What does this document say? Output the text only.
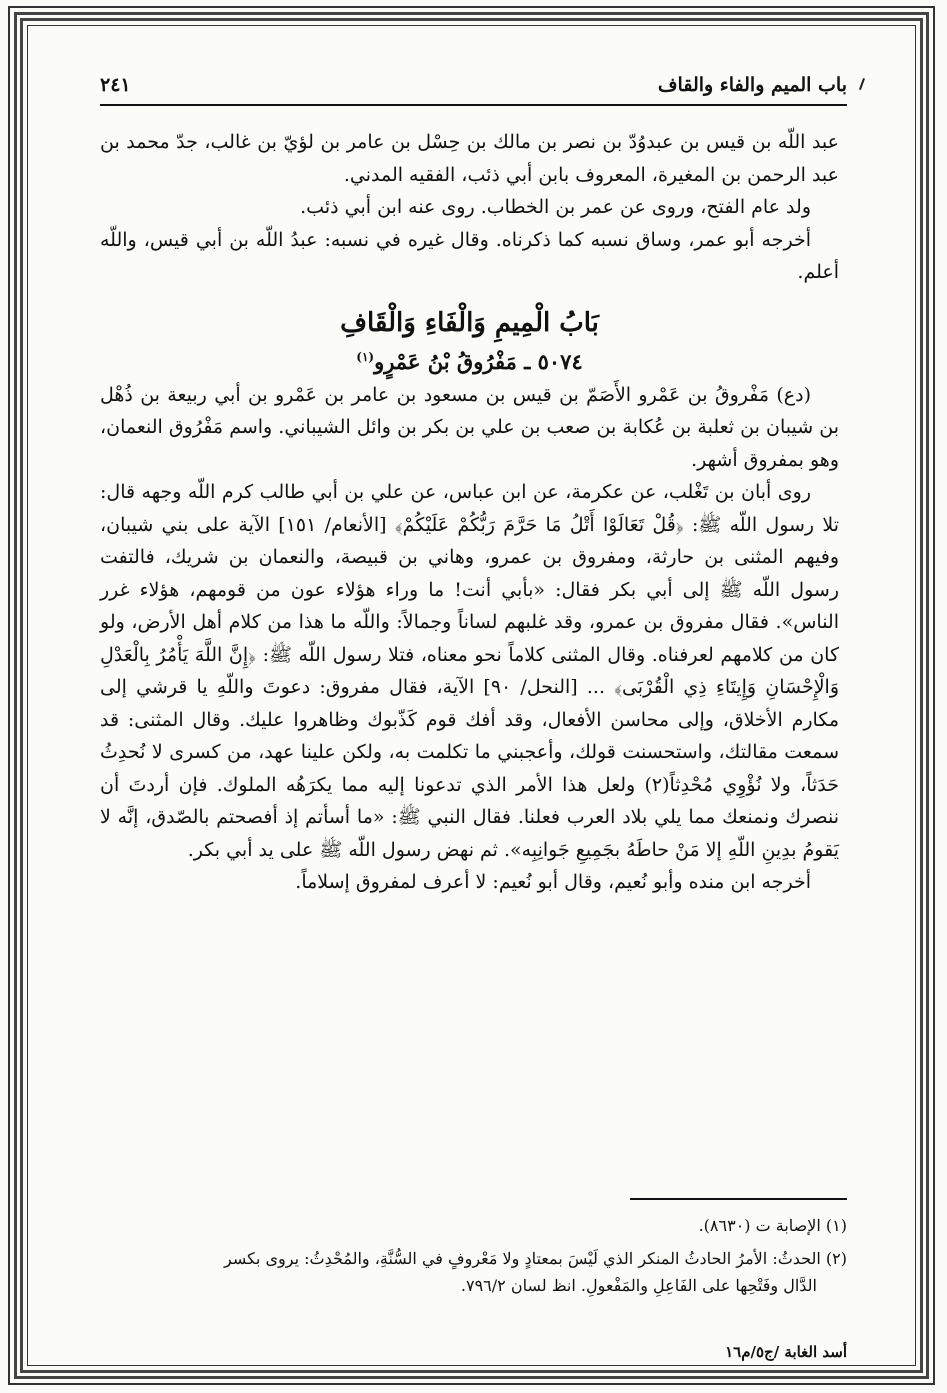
باب الميم والفاء والقاف
٢٤١

عبد اللّه بن قيس بن عبدوُدّ بن نصر بن مالك بن حِسْل بن عامر بن لؤيّ بن غالب، جدّ محمد بن عبد الرحمن بن المغيرة، المعروف بابن أبي ذئب، الفقيه المدني.

ولد عام الفتح، وروى عن عمر بن الخطاب. روى عنه ابن أبي ذئب.

أخرجه أبو عمر، وساق نسبه كما ذكرناه. وقال غيره في نسبه: عبدُ اللّه بن أبي قيس، واللّه أعلم.

بَابُ الْمِيمِ وَالْفَاءِ وَالْقَافِ

٥٠٧٤ ـ مَفْرُوقُ بْنُ عَمْرٍو$^{(١)}$

(دع) مَفْروقُ بن عَمْرو الأَصَمّ بن قيس بن مسعود بن عامر بن عَمْرو بن أبي ربيعة بن ذُهْل بن شيبان بن ثعلبة بن عُكابة بن صعب بن علي بن بكر بن وائل الشيباني. واسم مَفْرُوق النعمان، وهو بمفروق أشهر.

روى أبان بن تَغْلب، عن عكرمة، عن ابن عباس، عن علي بن أبي طالب كرم اللّه وجهه قال: تلا رسول اللّه ﷺ: ﴿قُلْ تَعَالَوْا أَتْلُ مَا حَرَّمَ رَبُّكُمْ عَلَيْكُمْ﴾ [الأنعام/ ١٥١] الآية على بني شيبان، وفيهم المثنى بن حارثة، ومفروق بن عمرو، وهاني بن قبيصة، والنعمان بن شريك، فالتفت رسول اللّه ﷺ إلى أبي بكر فقال: «بأبي أنت! ما وراء هؤلاء عون من قومهم، هؤلاء غرر الناس». فقال مفروق بن عمرو، وقد غلبهم لساناً وجمالاً: واللّه ما هذا من كلام أهل الأرض، ولو كان من كلامهم لعرفناه. وقال المثنى كلاماً نحو معناه، فتلا رسول اللّه ﷺ: ﴿إِنَّ اللَّهَ يَأْمُرُ بِالْعَدْلِ وَالْإِحْسَانِ وَإِيتَاءِ ذِي الْقُرْبَى﴾ ... [النحل/ ٩٠] الآية، فقال مفروق: دعوتَ واللّهِ يا قرشي إلى مكارم الأخلاق، وإلى محاسن الأفعال، وقد أفك قوم كَذّبوك وظاهروا عليك. وقال المثنى: قد سمعت مقالتك، واستحسنت قولك، وأعجبني ما تكلمت به، ولكن علينا عهد، من كسرى لا نُحدِثُ حَدَثاً، ولا نُؤْوِي مُحْدِثاً(٢) ولعل هذا الأمر الذي تدعونا إليه مما يكرَهُه الملوك. فإن أردتَ أن ننصرك ونمنعك مما يلي بلاد العرب فعلنا. فقال النبي ﷺ: «ما أسأتم إذ أفصحتم بالصّدق، إنَّه لا يَقومُ بدِينِ اللّهِ إلا مَنْ حاطَهُ بجَمِيعِ جَوانِبِه». ثم نهض رسول اللّه ﷺ على يد أبي بكر.

أخرجه ابن منده وأبو نُعيم، وقال أبو نُعيم: لا أعرف لمفروق إسلاماً.

(١) الإصابة ت (٨٦٣٠).

(٢) الحدثُ: الأمرُ الحادثُ المنكر الذي لَيْسَ بمعتادٍ ولا مَعْروفٍ في السُّنَّةِ، والمُحْدِثُ: يروى بكسر
الدَّال وفَتْحِها على الفَاعِلِ والمَفْعولِ. انظ لسان ٧٩٦/٢.

أسد الغابة /ج٥/م١٦
